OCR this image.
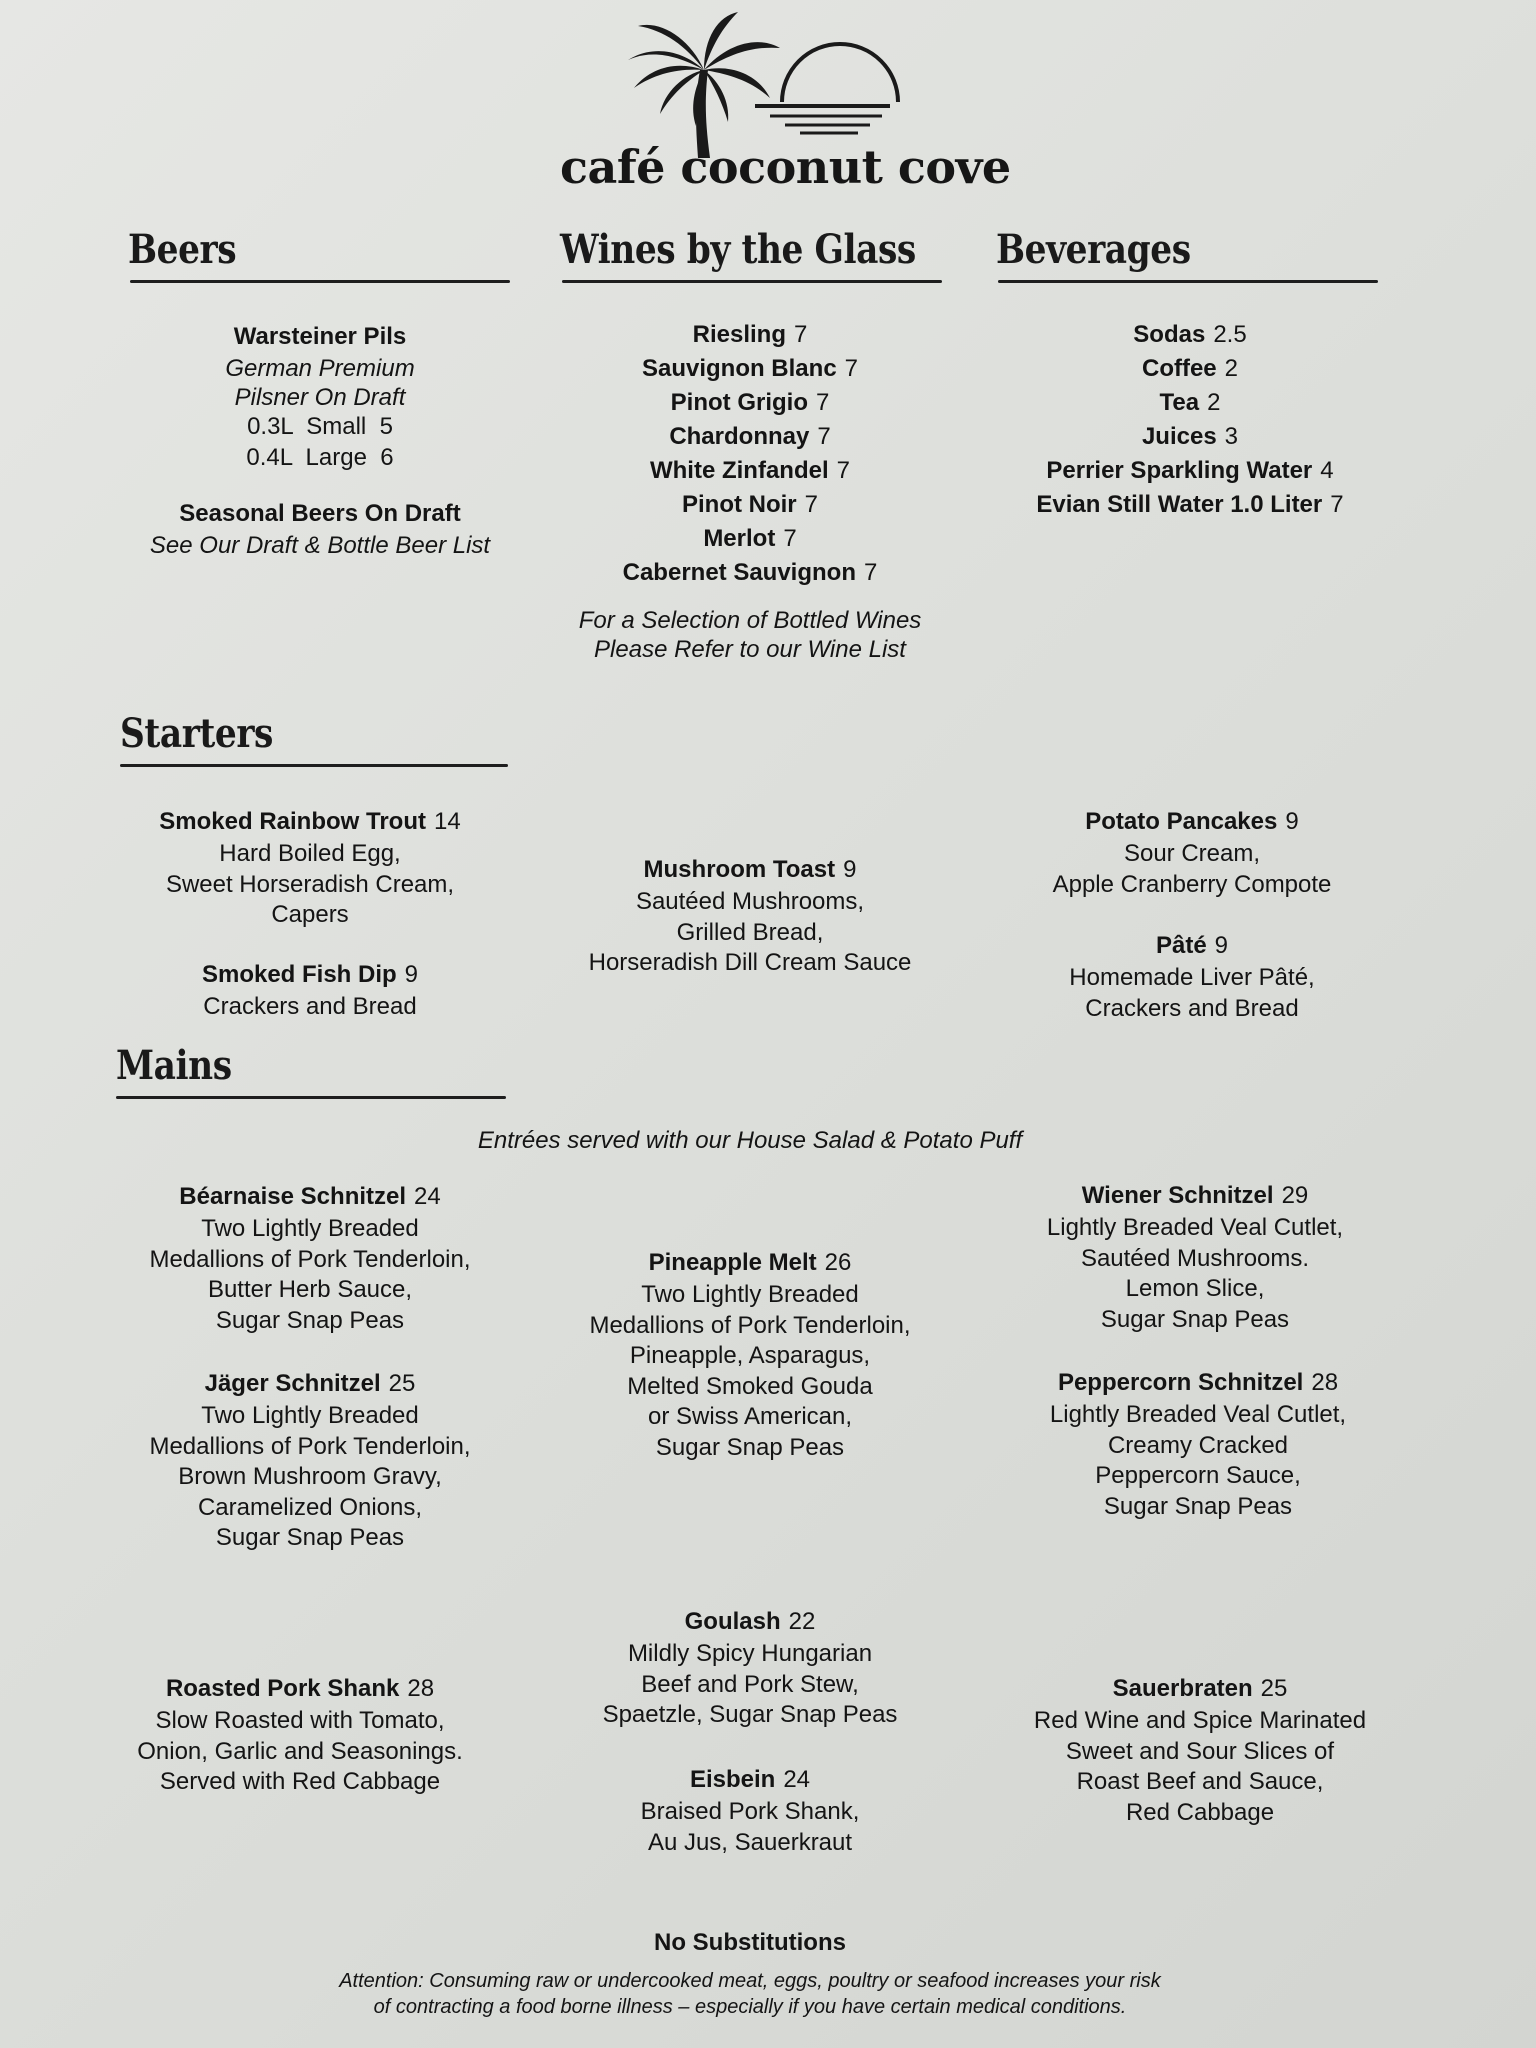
café coconut cove
Beers
Warsteiner Pils
German Premium
Pilsner On Draft
0.3L  Small  5
0.4L  Large  6
Seasonal Beers On Draft
See Our Draft & Bottle Beer List
Wines by the Glass
Riesling 7
Sauvignon Blanc 7
Pinot Grigio 7
Chardonnay 7
White Zinfandel 7
Pinot Noir 7
Merlot 7
Cabernet Sauvignon 7
For a Selection of Bottled Wines
Please Refer to our Wine List
Beverages
Sodas 2.5
Coffee 2
Tea 2
Juices 3
Perrier Sparkling Water 4
Evian Still Water 1.0 Liter 7
Starters
Smoked Rainbow Trout 14
Hard Boiled Egg,
Sweet Horseradish Cream,
Capers
Smoked Fish Dip 9
Crackers and Bread
Mushroom Toast 9
Sautéed Mushrooms,
Grilled Bread,
Horseradish Dill Cream Sauce
Potato Pancakes 9
Sour Cream,
Apple Cranberry Compote
Pâté 9
Homemade Liver Pâté,
Crackers and Bread
Mains
Entrées served with our House Salad & Potato Puff
Béarnaise Schnitzel 24
Two Lightly Breaded
Medallions of Pork Tenderloin,
Butter Herb Sauce,
Sugar Snap Peas
Jäger Schnitzel 25
Two Lightly Breaded
Medallions of Pork Tenderloin,
Brown Mushroom Gravy,
Caramelized Onions,
Sugar Snap Peas
Pineapple Melt 26
Two Lightly Breaded
Medallions of Pork Tenderloin,
Pineapple, Asparagus,
Melted Smoked Gouda
or Swiss American,
Sugar Snap Peas
Wiener Schnitzel 29
Lightly Breaded Veal Cutlet,
Sautéed Mushrooms.
Lemon Slice,
Sugar Snap Peas
Peppercorn Schnitzel 28
Lightly Breaded Veal Cutlet,
Creamy Cracked
Peppercorn Sauce,
Sugar Snap Peas
Roasted Pork Shank 28
Slow Roasted with Tomato,
Onion, Garlic and Seasonings.
Served with Red Cabbage
Goulash 22
Mildly Spicy Hungarian
Beef and Pork Stew,
Spaetzle, Sugar Snap Peas
Eisbein 24
Braised Pork Shank,
Au Jus, Sauerkraut
Sauerbraten 25
Red Wine and Spice Marinated
Sweet and Sour Slices of
Roast Beef and Sauce,
Red Cabbage
No Substitutions
Attention: Consuming raw or undercooked meat, eggs, poultry or seafood increases your risk
of contracting a food borne illness – especially if you have certain medical conditions.
